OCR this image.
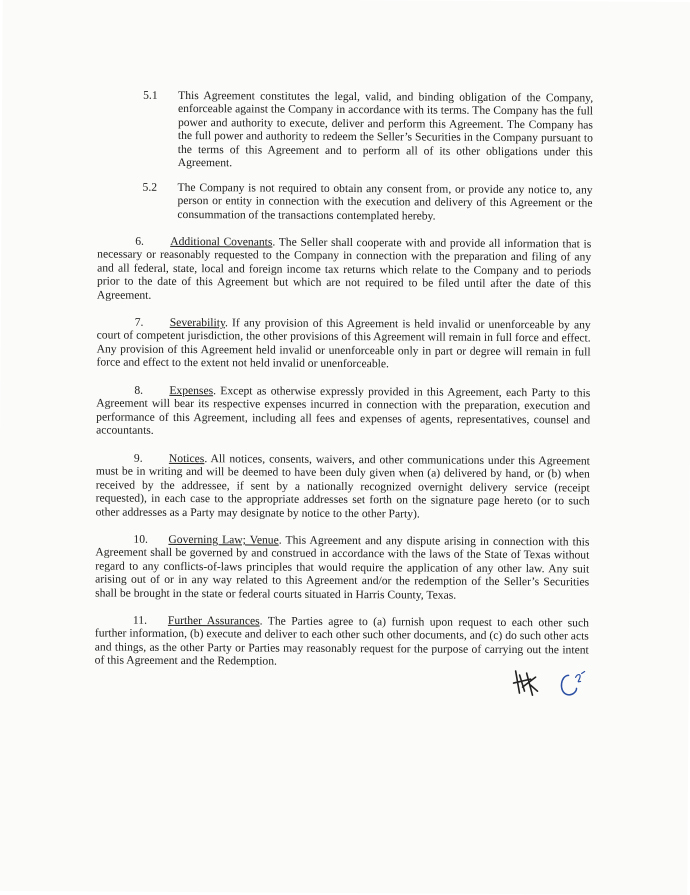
5.1 This Agreement constitutes the legal, valid, and binding obligation of the Company, enforceable against the Company in accordance with its terms. The Company has the full power and authority to execute, deliver and perform this Agreement. The Company has the full power and authority to redeem the Seller’s Securities in the Company pursuant to the terms of this Agreement and to perform all of its other obligations under this Agreement.
5.2 The Company is not required to obtain any consent from, or provide any notice to, any person or entity in connection with the execution and delivery of this Agreement or the consummation of the transactions contemplated hereby.
6. Additional Covenants. The Seller shall cooperate with and provide all information that is necessary or reasonably requested to the Company in connection with the preparation and filing of any and all federal, state, local and foreign income tax returns which relate to the Company and to periods prior to the date of this Agreement but which are not required to be filed until after the date of this Agreement.
7. Severability. If any provision of this Agreement is held invalid or unenforceable by any court of competent jurisdiction, the other provisions of this Agreement will remain in full force and effect. Any provision of this Agreement held invalid or unenforceable only in part or degree will remain in full force and effect to the extent not held invalid or unenforceable.
8. Expenses. Except as otherwise expressly provided in this Agreement, each Party to this Agreement will bear its respective expenses incurred in connection with the preparation, execution and performance of this Agreement, including all fees and expenses of agents, representatives, counsel and accountants.
9. Notices. All notices, consents, waivers, and other communications under this Agreement must be in writing and will be deemed to have been duly given when (a) delivered by hand, or (b) when received by the addressee, if sent by a nationally recognized overnight delivery service (receipt requested), in each case to the appropriate addresses set forth on the signature page hereto (or to such other addresses as a Party may designate by notice to the other Party).
10. Governing Law; Venue. This Agreement and any dispute arising in connection with this Agreement shall be governed by and construed in accordance with the laws of the State of Texas without regard to any conflicts-of-laws principles that would require the application of any other law. Any suit arising out of or in any way related to this Agreement and/or the redemption of the Seller’s Securities shall be brought in the state or federal courts situated in Harris County, Texas.
11. Further Assurances. The Parties agree to (a) furnish upon request to each other such further information, (b) execute and deliver to each other such other documents, and (c) do such other acts and things, as the other Party or Parties may reasonably request for the purpose of carrying out the intent of this Agreement and the Redemption.
